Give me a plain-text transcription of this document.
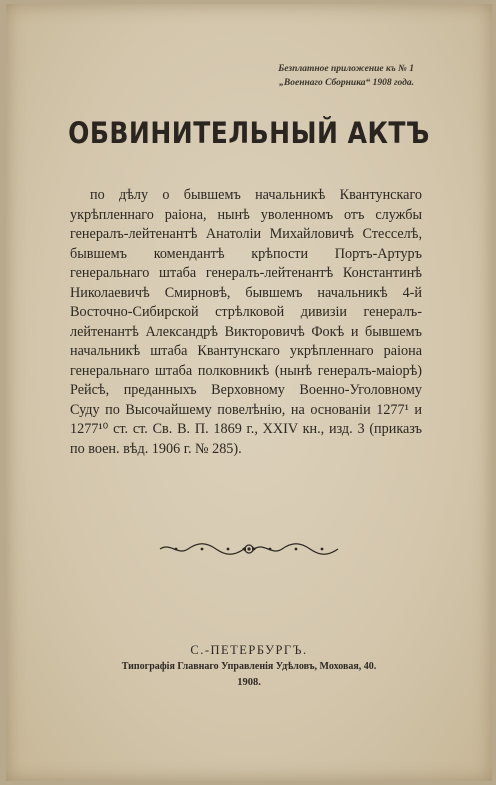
Безплатное приложение къ № 1
„Военнаго Сборника“ 1908 года.
ОБВИНИТЕЛЬНЫЙ АКТЪ

по дѣлу о бывшемъ начальникѣ Квантунскаго укрѣпленнаго раіона, нынѣ уволенномъ отъ службы генералъ-лейтенантѣ Анатоліи Михайловичѣ Стесселѣ, бывшемъ комендантѣ крѣпости Портъ-Артуръ генеральнаго штаба генералъ-лейтенантѣ Константинѣ Николаевичѣ Смирновѣ, бывшемъ начальникѣ 4-й Восточно-Сибирской стрѣлковой дивизіи генералъ-лейтенантѣ Александрѣ Викторовичѣ Фокѣ и бывшемъ начальникѣ штаба Квантунскаго укрѣпленнаго раіона генеральнаго штаба полковникѣ (нынѣ генералъ-маіорѣ) Рейсѣ, преданныхъ Верховному Военно-Уголовному Суду по Высочайшему повелѣнію, на основаніи 1277¹ и 1277¹⁰ ст. ст. Св. В. П. 1869 г., XXIV кн., изд. 3 (приказъ по воен. вѣд. 1906 г. № 285).

С.-ПЕТЕРБУРГЪ.
Типографія Главнаго Управленія Удѣловъ, Моховая, 40.
1908.
